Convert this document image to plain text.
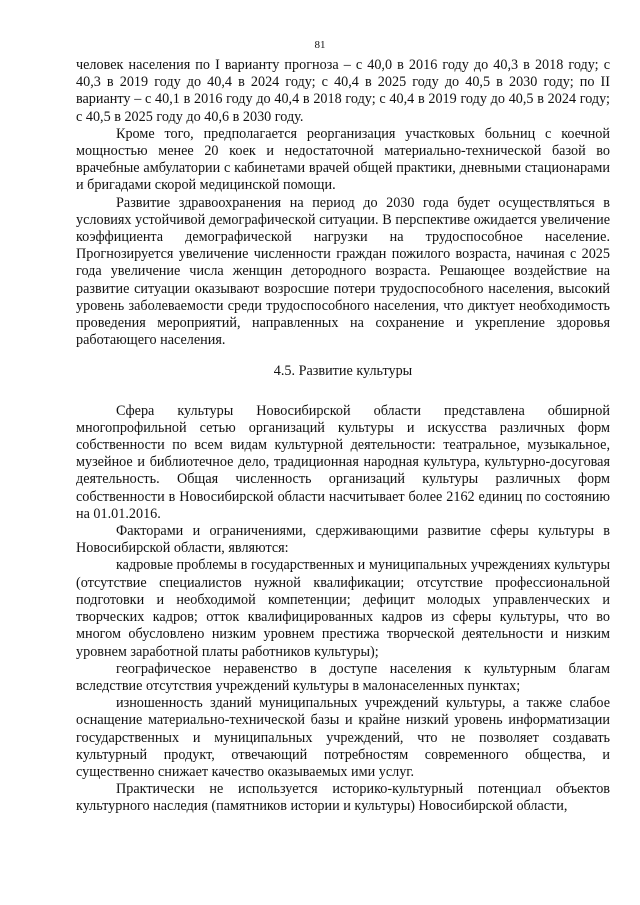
81

человек населения по I варианту прогноза – с 40,0 в 2016 году до 40,3 в 2018 году; с 40,3 в 2019 году до 40,4 в 2024 году; с 40,4 в 2025 году до 40,5 в 2030 году; по II варианту – с 40,1 в 2016 году до 40,4 в 2018 году; с 40,4 в 2019 году до 40,5 в 2024 году; с 40,5 в 2025 году до 40,6 в 2030 году.

Кроме того, предполагается реорганизация участковых больниц с коечной мощностью менее 20 коек и недостаточной материально-технической базой во врачебные амбулатории с кабинетами врачей общей практики, дневными стационарами и бригадами скорой медицинской помощи.

Развитие здравоохранения на период до 2030 года будет осуществляться в условиях устойчивой демографической ситуации. В перспективе ожидается увеличение коэффициента демографической нагрузки на трудоспособное население. Прогнозируется увеличение численности граждан пожилого возраста, начиная с 2025 года увеличение числа женщин детородного возраста. Решающее воздействие на развитие ситуации оказывают возросшие потери трудоспособного населения, высокий уровень заболеваемости среди трудоспособного населения, что диктует необходимость проведения мероприятий, направленных на сохранение и укрепление здоровья работающего населения.

4.5. Развитие культуры

Сфера культуры Новосибирской области представлена обширной многопрофильной сетью организаций культуры и искусства различных форм собственности по всем видам культурной деятельности: театральное, музыкальное, музейное и библиотечное дело, традиционная народная культура, культурно-досуговая деятельность. Общая численность организаций культуры различных форм собственности в Новосибирской области насчитывает более 2162 единиц по состоянию на 01.01.2016.

Факторами и ограничениями, сдерживающими развитие сферы культуры в Новосибирской области, являются:

кадровые проблемы в государственных и муниципальных учреждениях культуры (отсутствие специалистов нужной квалификации; отсутствие профессиональной подготовки и необходимой компетенции; дефицит молодых управленческих и творческих кадров; отток квалифицированных кадров из сферы культуры, что во многом обусловлено низким уровнем престижа творческой деятельности и низким уровнем заработной платы работников культуры);

географическое неравенство в доступе населения к культурным благам вследствие отсутствия учреждений культуры в малонаселенных пунктах;

изношенность зданий муниципальных учреждений культуры, а также слабое оснащение материально-технической базы и крайне низкий уровень информатизации государственных и муниципальных учреждений, что не позволяет создавать культурный продукт, отвечающий потребностям современного общества, и существенно снижает качество оказываемых ими услуг.

Практически не используется историко-культурный потенциал объектов культурного наследия (памятников истории и культуры) Новосибирской области,
